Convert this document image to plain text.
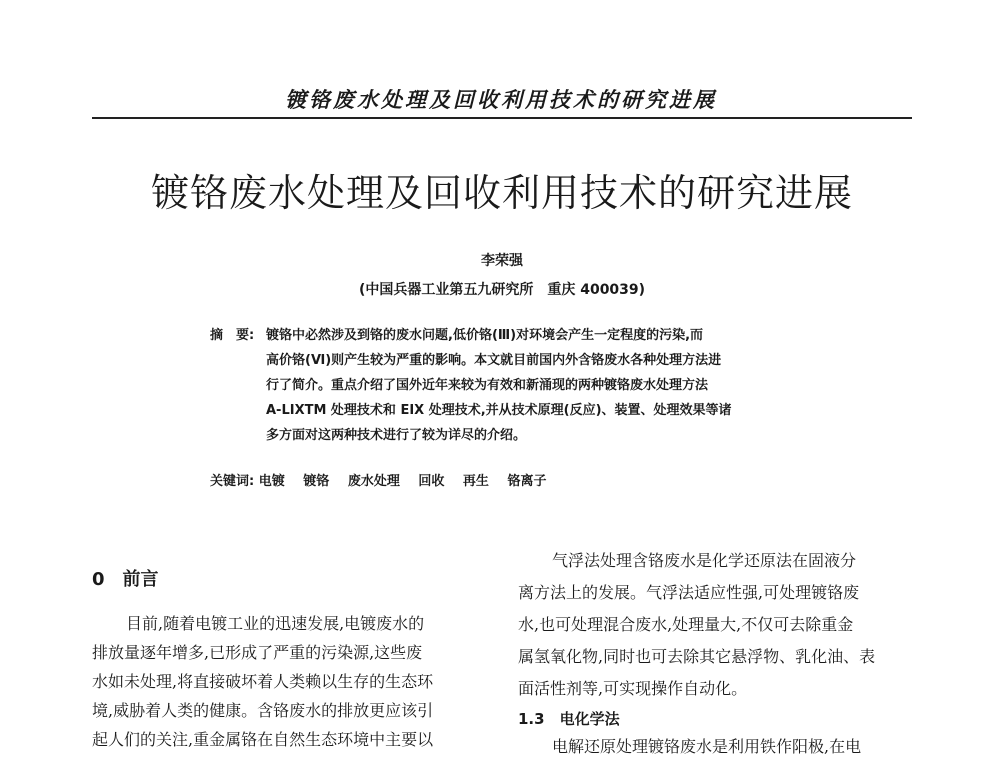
镀铬废水处理及回收利用技术的研究进展
镀铬废水处理及回收利用技术的研究进展
李荣强
(中国兵器工业第五九研究所　重庆 400039)
摘　要: 镀铬中必然涉及到铬的废水问题,低价铬(Ⅲ)对环境会产生一定程度的污染,而
高价铬(Ⅵ)则产生较为严重的影响。本文就目前国内外含铬废水各种处理方法进
行了简介。重点介绍了国外近年来较为有效和新涌现的两种镀铬废水处理方法
A-LIXTM 处理技术和 EIX 处理技术,并从技术原理(反应)、装置、处理效果等诸
多方面对这两种技术进行了较为详尽的介绍。
关键词: 电镀 镀铬 废水处理 回收 再生 铬离子
0　前言
目前,随着电镀工业的迅速发展,电镀废水的
排放量逐年增多,已形成了严重的污染源,这些废
水如未处理,将直接破坏着人类赖以生存的生态环
境,威胁着人类的健康。含铬废水的排放更应该引
起人们的关注,重金属铬在自然生态环境中主要以
气浮法处理含铬废水是化学还原法在固液分
离方法上的发展。气浮法适应性强,可处理镀铬废
水,也可处理混合废水,处理量大,不仅可去除重金
属氢氧化物,同时也可去除其它悬浮物、乳化油、表
面活性剂等,可实现操作自动化。
1.3　电化学法
电解还原处理镀铬废水是利用铁作阳极,在电
